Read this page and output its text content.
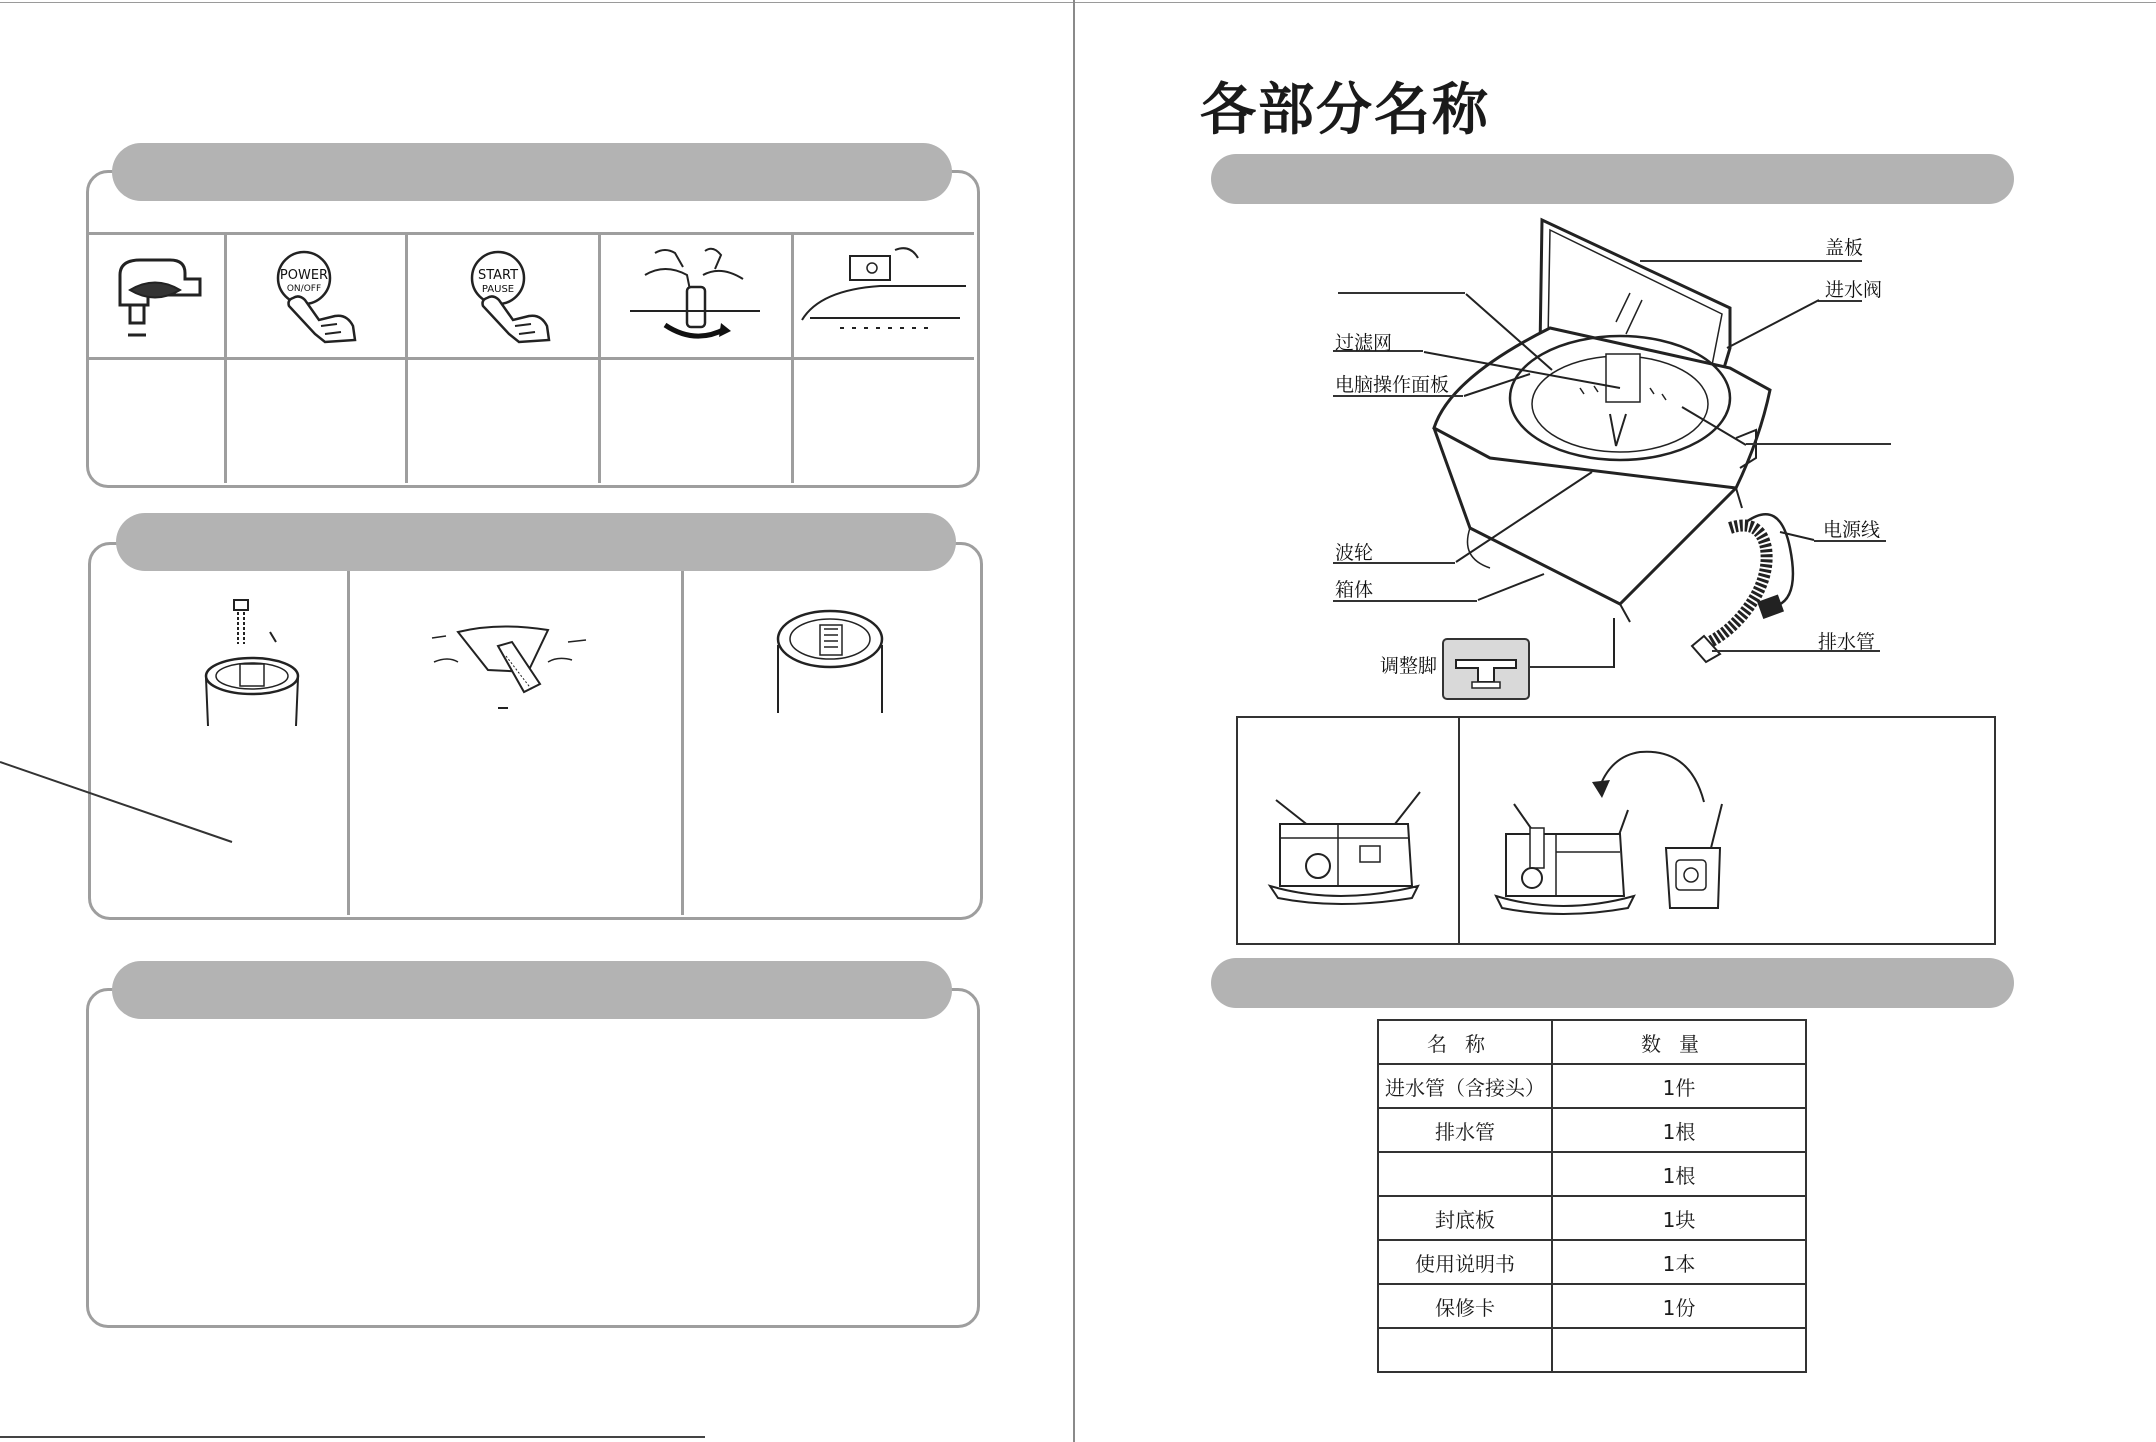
POWER
ON/OFF
START
PAUSE
各部分名称
盖板
进水阀
过滤网
电脑操作面板
波轮
箱体
电源线
排水管
调整脚
名称	数量
进水管（含接头）	1件
排水管	1根
	1根
封底板	1块
使用说明书	1本
保修卡	1份
